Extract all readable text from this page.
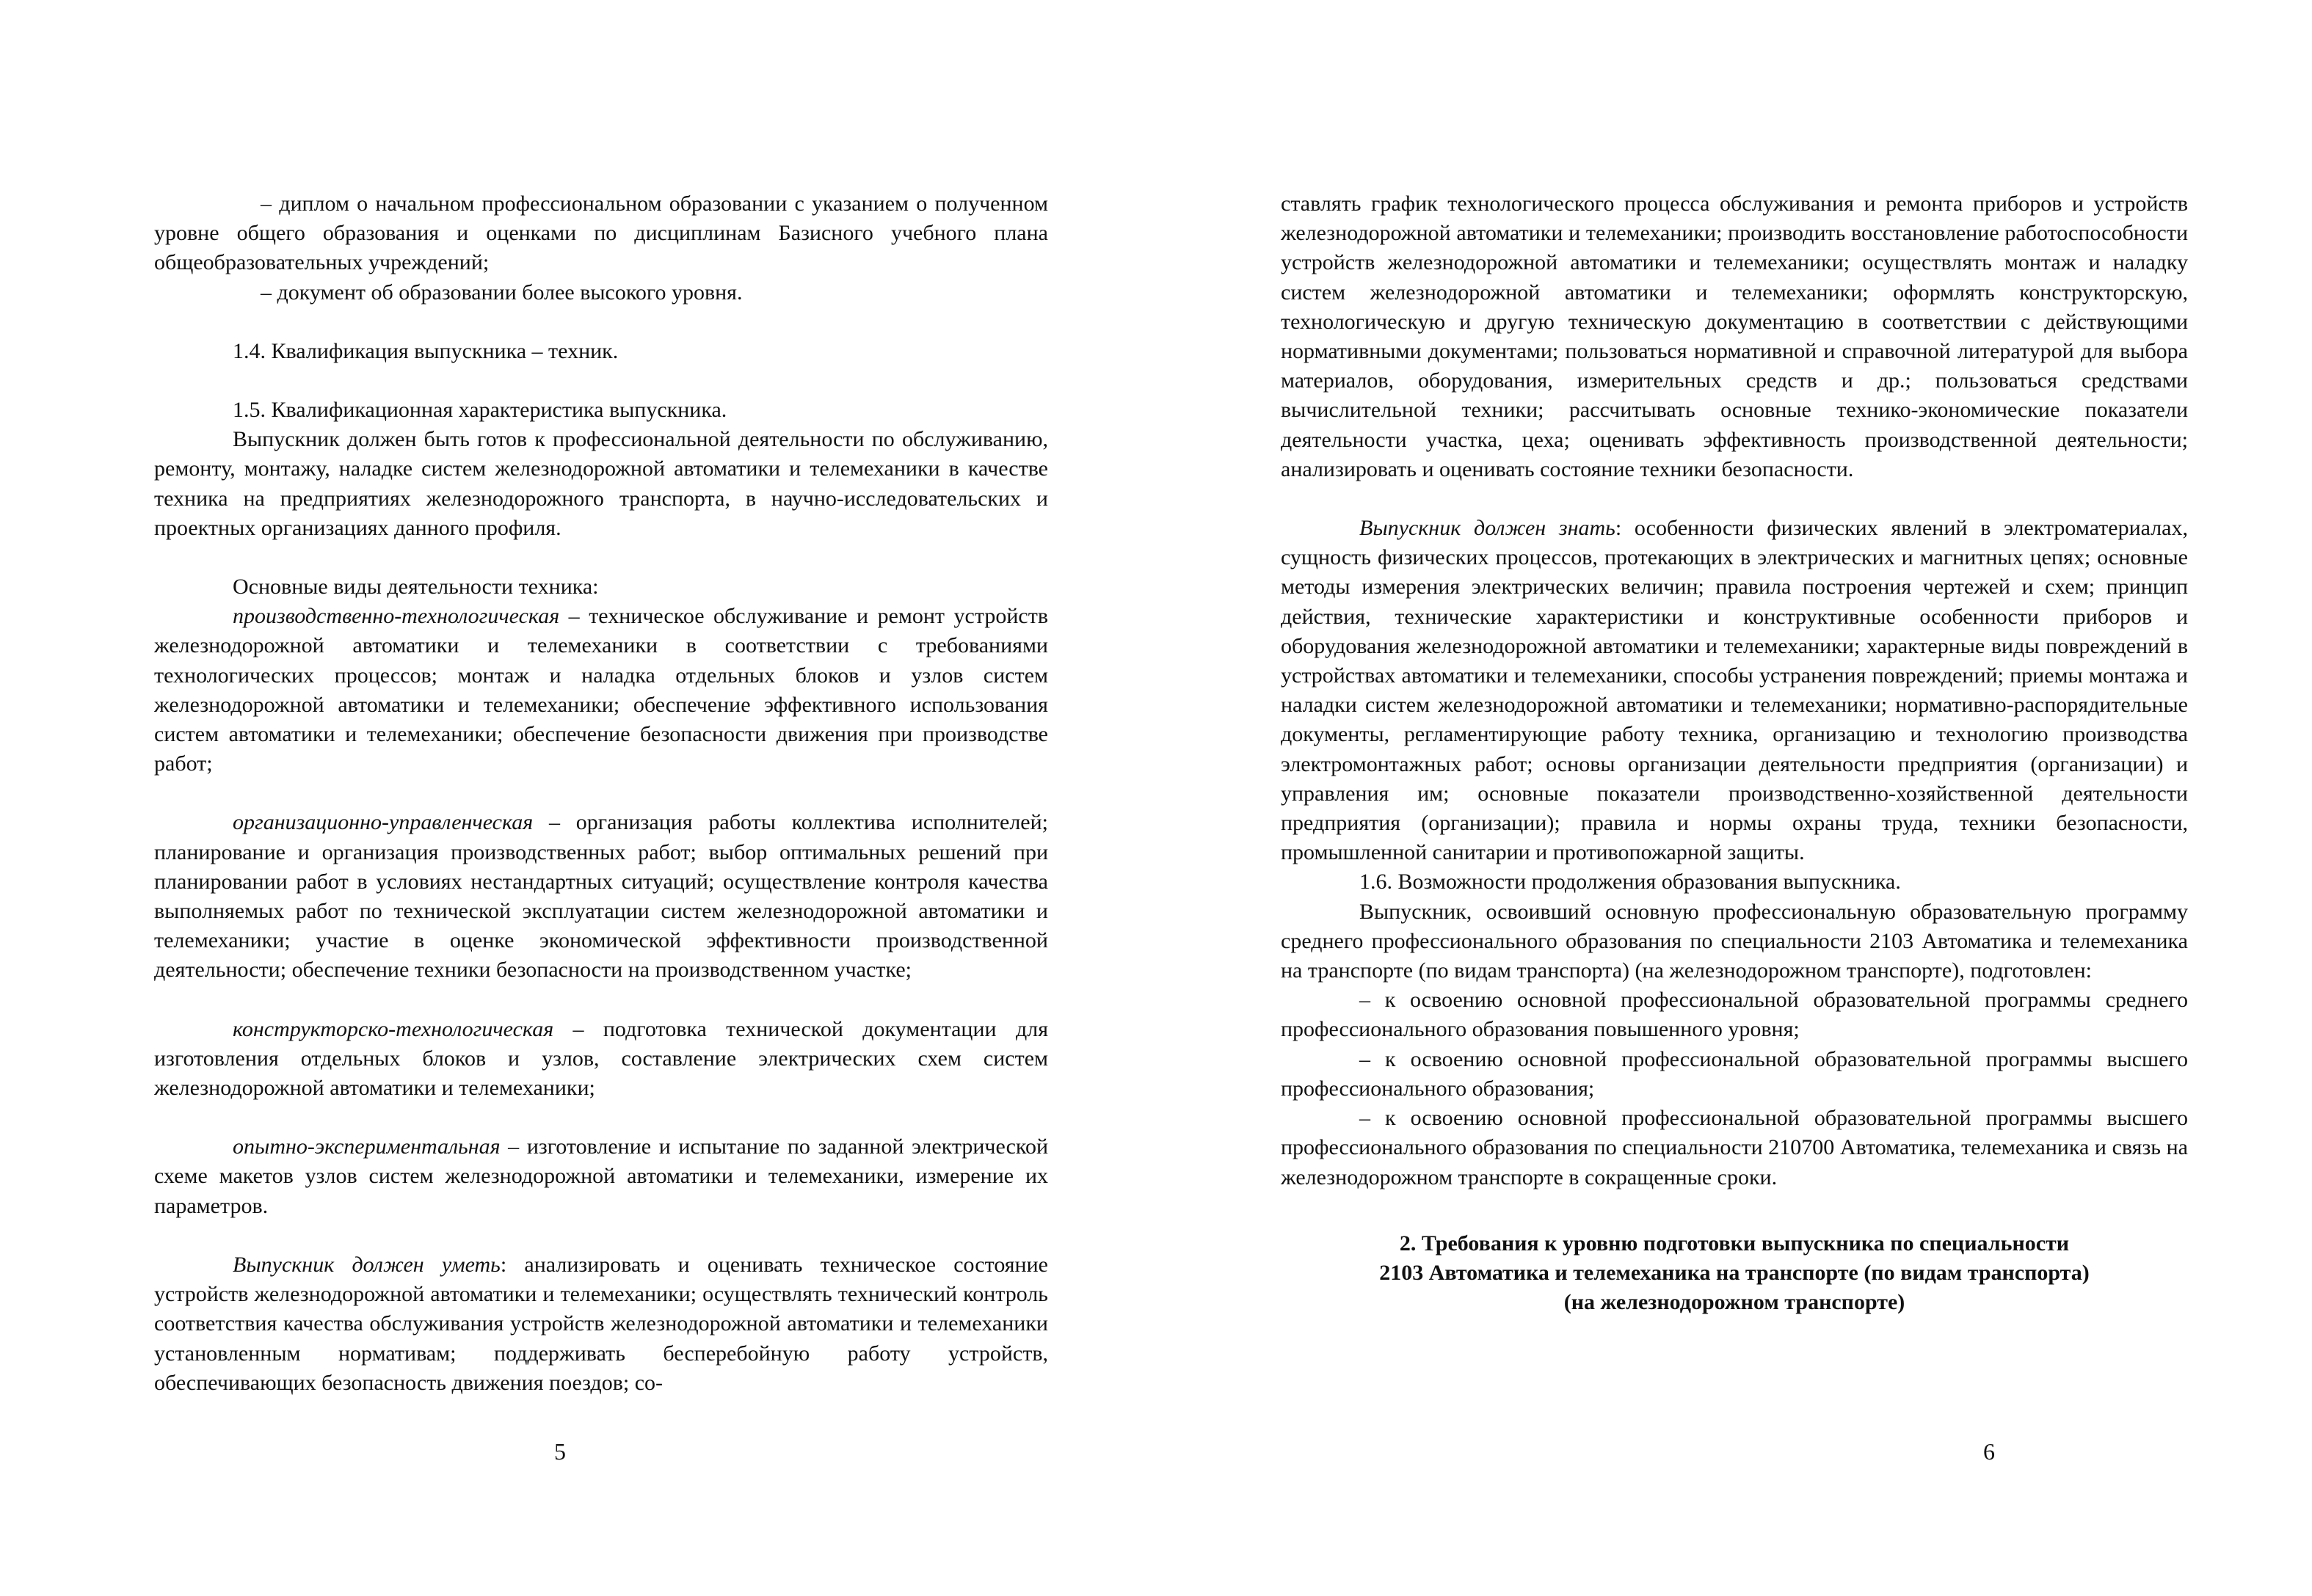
– диплом о начальном профессиональном образовании с указанием о полученном уровне общего образования и оценками по дисциплинам Базисного учебного плана общеобразовательных учреждений;

– документ об образовании более высокого уровня.

1.4. Квалификация выпускника – техник.

1.5. Квалификационная характеристика выпускника.

Выпускник должен быть готов к профессиональной деятельности по обслуживанию, ремонту, монтажу, наладке систем железнодорожной автоматики и телемеханики в качестве техника на предприятиях железнодорожного транспорта, в научно-исследовательских и проектных организациях данного профиля.

Основные виды деятельности техника:

производственно-технологическая – техническое обслуживание и ремонт устройств железнодорожной автоматики и телемеханики в соответствии с требованиями технологических процессов; монтаж и наладка отдельных блоков и узлов систем железнодорожной автоматики и телемеханики; обеспечение эффективного использования систем автоматики и телемеханики; обеспечение безопасности движения при производстве работ;

организационно-управленческая – организация работы коллектива исполнителей; планирование и организация производственных работ; выбор оптимальных решений при планировании работ в условиях нестандартных ситуаций; осуществление контроля качества выполняемых работ по технической эксплуатации систем железнодорожной автоматики и телемеханики; участие в оценке экономической эффективности производственной деятельности; обеспечение техники безопасности на производственном участке;

конструкторско-технологическая – подготовка технической документации для изготовления отдельных блоков и узлов, составление электрических схем систем железнодорожной автоматики и телемеханики;

опытно-экспериментальная – изготовление и испытание по заданной электрической схеме макетов узлов систем железнодорожной автоматики и телемеханики, измерение их параметров.

Выпускник должен уметь: анализировать и оценивать техническое состояние устройств железнодорожной автоматики и телемеханики; осуществлять технический контроль соответствия качества обслуживания устройств железнодорожной автоматики и телемеханики установленным нормативам; поддерживать бесперебойную работу устройств, обеспечивающих безопасность движения поездов; со-

5

ставлять график технологического процесса обслуживания и ремонта приборов и устройств железнодорожной автоматики и телемеханики; производить восстановление работоспособности устройств железнодорожной автоматики и телемеханики; осуществлять монтаж и наладку систем железнодорожной автоматики и телемеханики; оформлять конструкторскую, технологическую и другую техническую документацию в соответствии с действующими нормативными документами; пользоваться нормативной и справочной литературой для выбора материалов, оборудования, измерительных средств и др.; пользоваться средствами вычислительной техники; рассчитывать основные технико-экономические показатели деятельности участка, цеха; оценивать эффективность производственной деятельности; анализировать и оценивать состояние техники безопасности.

Выпускник должен знать: особенности физических явлений в электроматериалах, сущность физических процессов, протекающих в электрических и магнитных цепях; основные методы измерения электрических величин; правила построения чертежей и схем; принцип действия, технические характеристики и конструктивные особенности приборов и оборудования железнодорожной автоматики и телемеханики; характерные виды повреждений в устройствах автоматики и телемеханики, способы устранения повреждений; приемы монтажа и наладки систем железнодорожной автоматики и телемеханики; нормативно-распорядительные документы, регламентирующие работу техника, организацию и технологию производства электромонтажных работ; основы организации деятельности предприятия (организации) и управления им; основные показатели производственно-хозяйственной деятельности предприятия (организации); правила и нормы охраны труда, техники безопасности, промышленной санитарии и противопожарной защиты.

1.6. Возможности продолжения образования выпускника.

Выпускник, освоивший основную профессиональную образовательную программу среднего профессионального образования по специальности 2103 Автоматика и телемеханика на транспорте (по видам транспорта) (на железнодорожном транспорте), подготовлен:

– к освоению основной профессиональной образовательной программы среднего профессионального образования повышенного уровня;

– к освоению основной профессиональной образовательной программы высшего профессионального образования;

– к освоению основной профессиональной образовательной программы высшего профессионального образования по специальности 210700 Автоматика, телемеханика и связь на железнодорожном транспорте в сокращенные сроки.

2. Требования к уровню подготовки выпускника по специальности

2103 Автоматика и телемеханика на транспорте (по видам транспорта)

(на железнодорожном транспорте)

6
